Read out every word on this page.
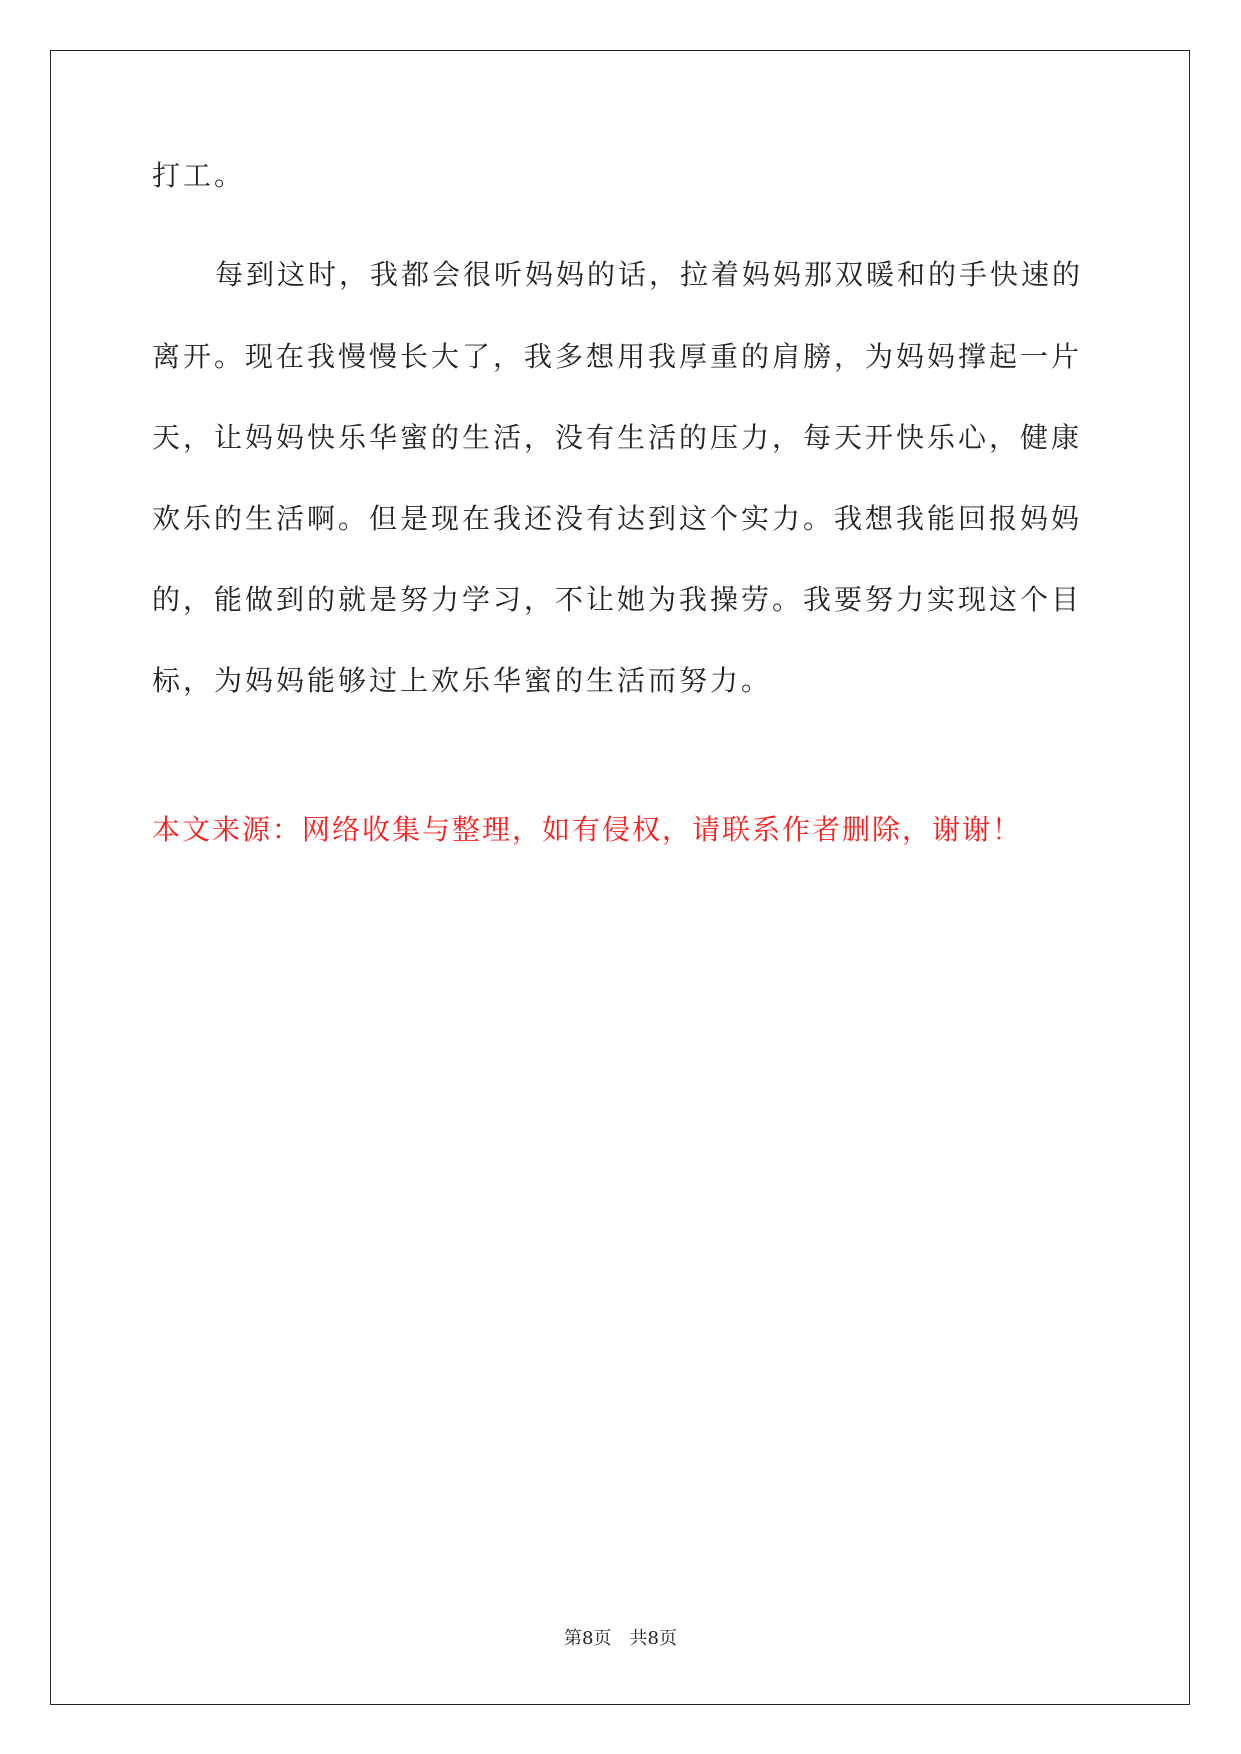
打工。
每到这时，我都会很听妈妈的话，拉着妈妈那双暖和的手快速的
离开。现在我慢慢长大了，我多想用我厚重的肩膀，为妈妈撑起一片
天，让妈妈快乐华蜜的生活，没有生活的压力，每天开快乐心，健康
欢乐的生活啊。但是现在我还没有达到这个实力。我想我能回报妈妈
的，能做到的就是努力学习，不让她为我操劳。我要努力实现这个目
标，为妈妈能够过上欢乐华蜜的生活而努力。
本文来源：网络收集与整理，如有侵权，请联系作者删除，谢谢！
第8页　共8页
